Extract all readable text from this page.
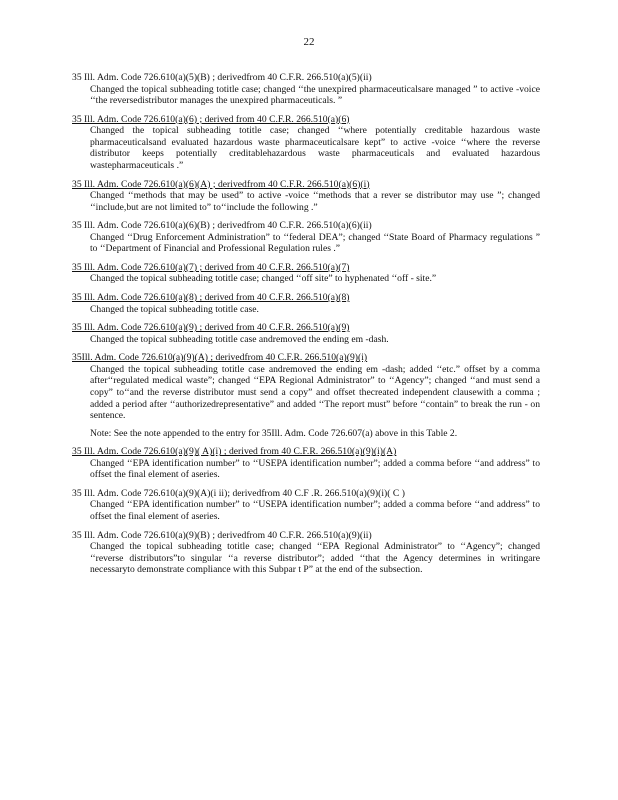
22
35 Ill. Adm. Code 726.610(a)(5)(B) ; derivedfrom 40 C.F.R. 266.510(a)(5)(ii)

Changed the topical subheading totitle case; changed ‘‘the unexpired pharmaceuticalsare managed ” to active -voice ‘‘the reversedistributor manages the unexpired pharmaceuticals. ”

35 Ill. Adm. Code 726.610(a)(6) ; derived from 40 C.F.R. 266.510(a)(6)

Changed the topical subheading totitle case; changed ‘‘where potentially creditable hazardous waste pharmaceuticalsand evaluated hazardous waste pharmaceuticalsare kept” to active -voice ‘‘where the reverse distributor keeps potentially creditablehazardous waste pharmaceuticals and evaluated hazardous wastepharmaceuticals .”

35 Ill. Adm. Code 726.610(a)(6)(A) ; derivedfrom 40 C.F.R. 266.510(a)(6)(i)

Changed ‘‘methods that may be used” to active -voice ‘‘methods that a rever se distributor may use ”; changed ‘‘include,but are not limited to” to‘‘include the following .”

35 Ill. Adm. Code 726.610(a)(6)(B) ; derivedfrom 40 C.F.R. 266.510(a)(6)(ii)

Changed ‘‘Drug Enforcement Administration” to ‘‘federal DEA”; changed ‘‘State Board of Pharmacy regulations ” to ‘‘Department of Financial and Professional Regulation rules .”

35 Ill. Adm. Code 726.610(a)(7) ; derived from 40 C.F.R. 266.510(a)(7)

Changed the topical subheading totitle case; changed ‘‘off site” to hyphenated ‘‘off - site.”

35 Ill. Adm. Code 726.610(a)(8) ; derived from 40 C.F.R. 266.510(a)(8)

Changed the topical subheading totitle case.

35 Ill. Adm. Code 726.610(a)(9) ; derived from 40 C.F.R. 266.510(a)(9)

Changed the topical subheading totitle case andremoved the ending em -dash.

35Ill. Adm. Code 726.610(a)(9)(A) ; derivedfrom 40 C.F.R. 266.510(a)(9)(i)

Changed the topical subheading totitle case andremoved the ending em -dash; added ‘‘etc.” offset by a comma after‘‘regulated medical waste”; changed ‘‘EPA Regional Administrator” to ‘‘Agency”; changed ‘‘and must send a copy” to‘‘and the reverse distributor must send a copy” and offset thecreated independent clausewith a comma ; added a period after ‘‘authorizedrepresentative” and added ‘‘The report must” before ‘‘contain” to break the run - on sentence.

Note: See the note appended to the entry for 35Ill. Adm. Code 726.607(a) above in this Table 2.

35 Ill. Adm. Code 726.610(a)(9)( A)(i) ; derived from 40 C.F.R. 266.510(a)(9)(i)(A)

Changed ‘‘EPA identification number” to ‘‘USEPA identification number”; added a comma before ‘‘and address” to offset the final element of aseries.

35 Ill. Adm. Code 726.610(a)(9)(A)(i ii); derivedfrom 40 C.F .R. 266.510(a)(9)(i)( C )

Changed ‘‘EPA identification number” to ‘‘USEPA identification number”; added a comma before ‘‘and address” to offset the final element of aseries.

35 Ill. Adm. Code 726.610(a)(9)(B) ; derivedfrom 40 C.F.R. 266.510(a)(9)(ii)

Changed the topical subheading totitle case; changed ‘‘EPA Regional Administrator” to ‘‘Agency”; changed ‘‘reverse distributors”to singular ‘‘a reverse distributor”; added ‘‘that the Agency determines in writingare necessaryto demonstrate compliance with this Subpar t P” at the end of the subsection.
